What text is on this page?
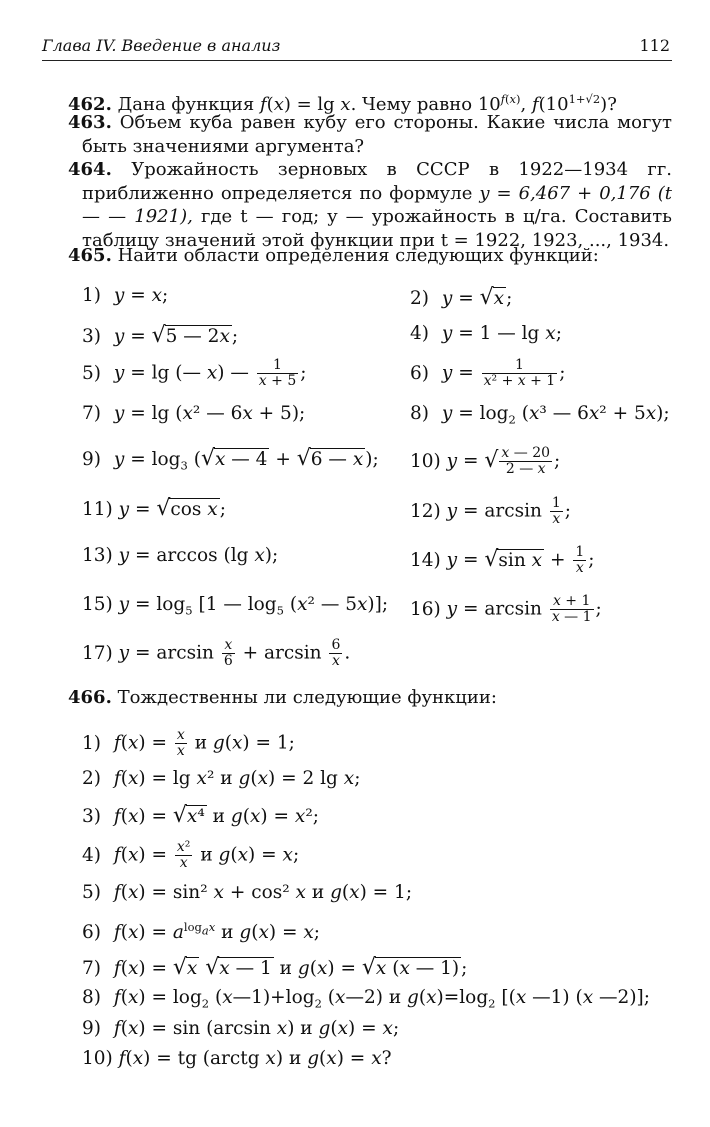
Глава IV. Введение в анализ	112
462. Дана функция f(x) = lg x. Чему равно $10^{f(x)}$, $f(10^{1+√2})$?
463. Объем куба равен кубу его стороны. Какие числа могут быть значениями аргумента?
464. Урожайность зерновых в СССР в 1922—1934 гг. приближенно определяется по формуле y = 6,467 + 0,176 (t — — 1921), где t — год; y — урожайность в ц/га. Составить таблицу значений этой функции при t = 1922, 1923, ..., 1934.
465. Найти области определения следующих функций:
1) y = x;	2) y = √x ;
3) y = √5 — 2x ;	4) y = 1 — lg x;
5) y = lg (— x) — $\frac{1}{x + 5}$ ;	6) $y = \frac{1}{\text{x² + x + 1}}$ ;
7) y = lg (x² — 6x + 5);	8) $y = \log_2 (x^3$ — 6x² + 5x);
9) $y = \log_3 (√x$ — 4 + √6 — x ); 10) y = √ $\frac{x — 20}{2 — x}$ ;
11) y = √cos x ;	12) $y = \arcsin \frac{1}{x}$ ;
13) y = arccos (lg x);	14) y = √sin $x + \frac{1}{x}$ ;
15) $y = \log_5 [1$ — $\log_5 (x^2$ — 5x)]; 16) $y = \arcsin \frac{x + 1}{x — 1}$ ;
17) $y = \arcsin \frac{x}{6} + \arcsin \frac{6}{x}$ .
466. Тождественны ли следующие функции:
1) $f(x) = \frac{x}{x}$ и g(x) = 1;
2) f(x) = lg x² и g(x) = 2 lg x;
3) f(x) = √x⁴ и g(x) = x²;
4) $f(x) = \frac{\text{x²}}{x}$ и g(x) = x;
5) f(x) = sin² x + cos² x и g(x) = 1;
6) $f(x) = a^{log_ax}$ и g(x) = x;
7) f(x) = √x √x — 1 и g(x) = √x (x — 1) ;
8) $f(x) = \log_2$ $(x—1)+\log_2$ (x—2) и $g(x)=\log_2$ [(x —1) (x —2)];
9) f(x) = sin (arcsin x) и g(x) = x;
10) f(x) = tg (arctg x) и g(x) = x?
